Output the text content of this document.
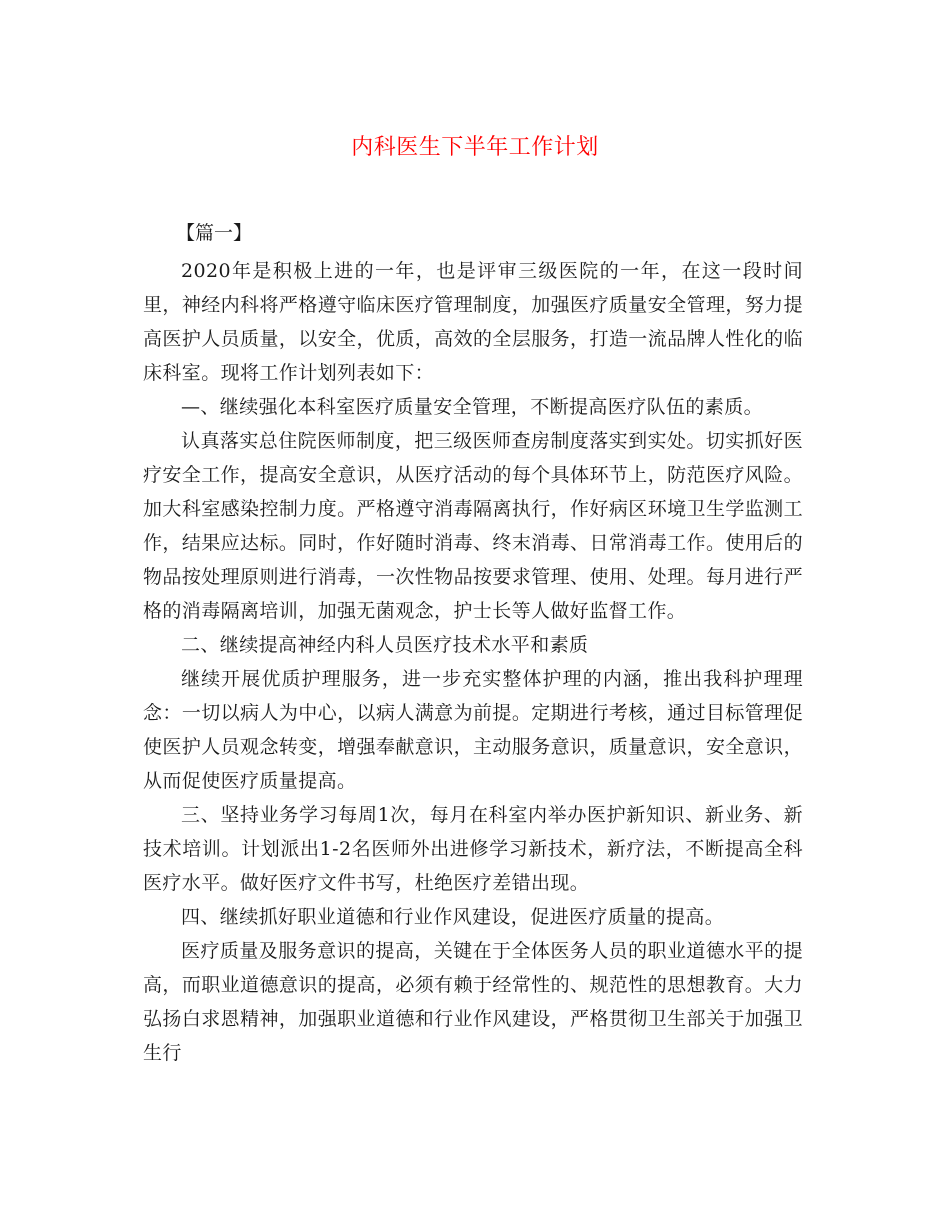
内科医生下半年工作计划
【篇一】

2020年是积极上进的一年，也是评审三级医院的一年，在这一段时间里，神经内科将严格遵守临床医疗管理制度，加强医疗质量安全管理，努力提高医护人员质量，以安全，优质，高效的全层服务，打造一流品牌人性化的临床科室。现将工作计划列表如下：

—、继续强化本科室医疗质量安全管理，不断提高医疗队伍的素质。

认真落实总住院医师制度，把三级医师查房制度落实到实处。切实抓好医疗安全工作，提高安全意识，从医疗活动的每个具体环节上，防范医疗风险。加大科室感染控制力度。严格遵守消毒隔离执行，作好病区环境卫生学监测工作，结果应达标。同时，作好随时消毒、终末消毒、日常消毒工作。使用后的物品按处理原则进行消毒，一次性物品按要求管理、使用、处理。每月进行严格的消毒隔离培训，加强无菌观念，护士长等人做好监督工作。

二、继续提高神经内科人员医疗技术水平和素质

继续开展优质护理服务，进一步充实整体护理的内涵，推出我科护理理念：一切以病人为中心，以病人满意为前提。定期进行考核，通过目标管理促使医护人员观念转变，增强奉献意识，主动服务意识，质量意识，安全意识，从而促使医疗质量提高。

三、坚持业务学习每周1次，每月在科室内举办医护新知识、新业务、新技术培训。计划派出1-2名医师外出进修学习新技术，新疗法，不断提高全科医疗水平。做好医疗文件书写，杜绝医疗差错出现。

四、继续抓好职业道德和行业作风建设，促进医疗质量的提高。

医疗质量及服务意识的提高，关键在于全体医务人员的职业道德水平的提高，而职业道德意识的提高，必须有赖于经常性的、规范性的思想教育。大力弘扬白求恩精神，加强职业道德和行业作风建设，严格贯彻卫生部关于加强卫生行
